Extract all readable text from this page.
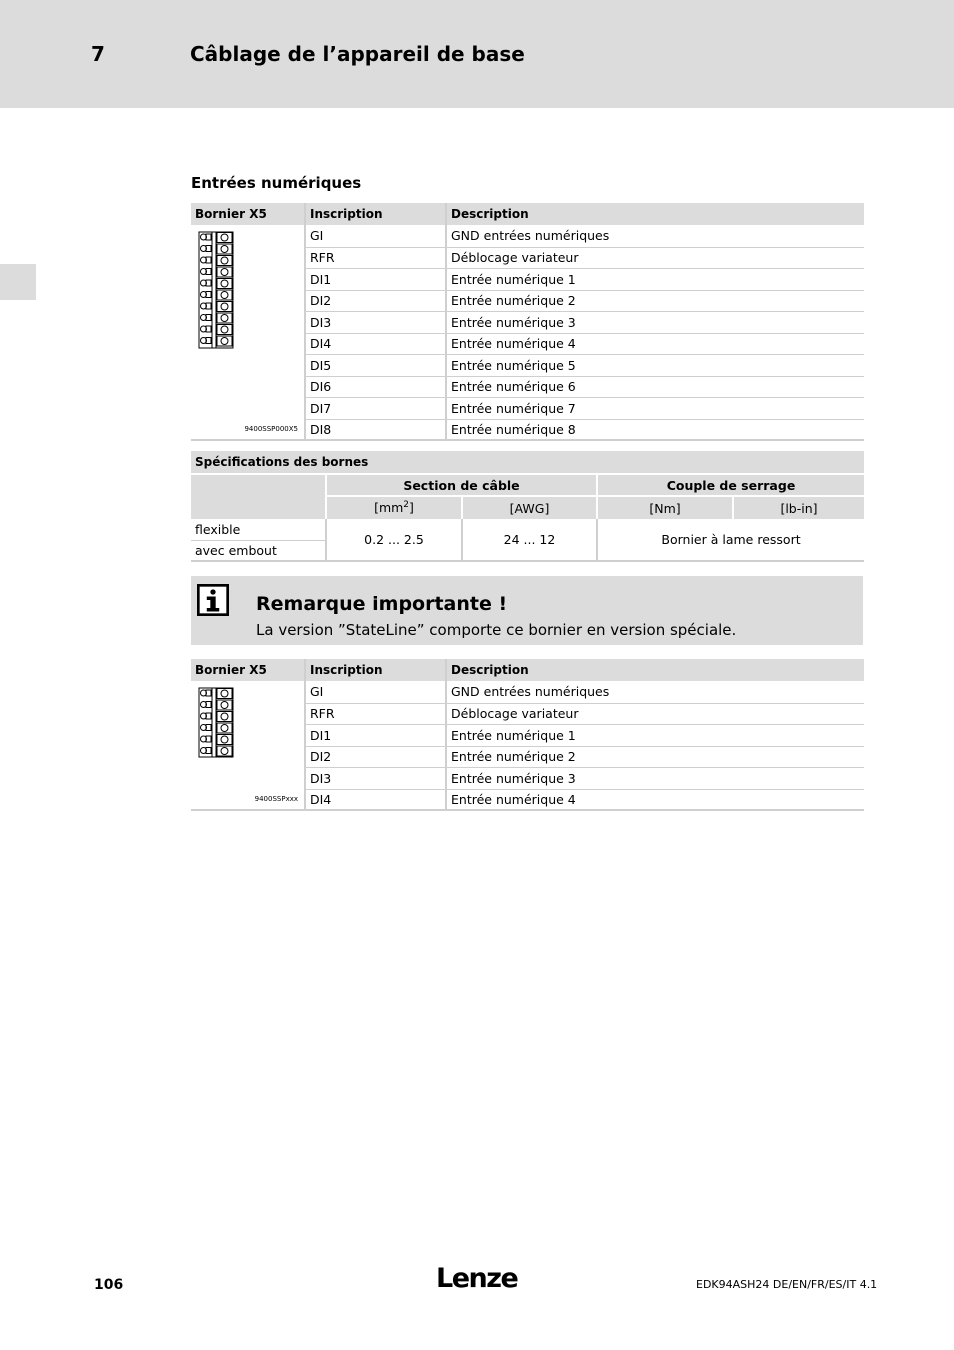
7	Câblage de l’appareil de base
Entrées numériques
Bornier X5	Inscription	Description

9400SSP000X5	GI	GND entrées numériques
	RFR	Déblocage variateur
	DI1	Entrée numérique 1
	DI2	Entrée numérique 2
	DI3	Entrée numérique 3
	DI4	Entrée numérique 4
	DI5	Entrée numérique 5
	DI6	Entrée numérique 6
	DI7	Entrée numérique 7
	DI8	Entrée numérique 8
Spécifications des bornes				
	Section de câble		Couple de serrage	
	$[mm^2]$	[AWG]	[Nm]	[lb-in]
flexible	0.2 ... 2.5	24 ... 12	Bornier à lame ressort	
avec embout				
Remarque importante !
La version ”StateLine” comporte ce bornier en version spéciale.
Bornier X5	Inscription	Description

9400SSPxxx	GI	GND entrées numériques
	RFR	Déblocage variateur
	DI1	Entrée numérique 1
	DI2	Entrée numérique 2
	DI3	Entrée numérique 3
	DI4	Entrée numérique 4
106	Lenze	EDK94ASH24 DE/EN/FR/ES/IT 4.1
